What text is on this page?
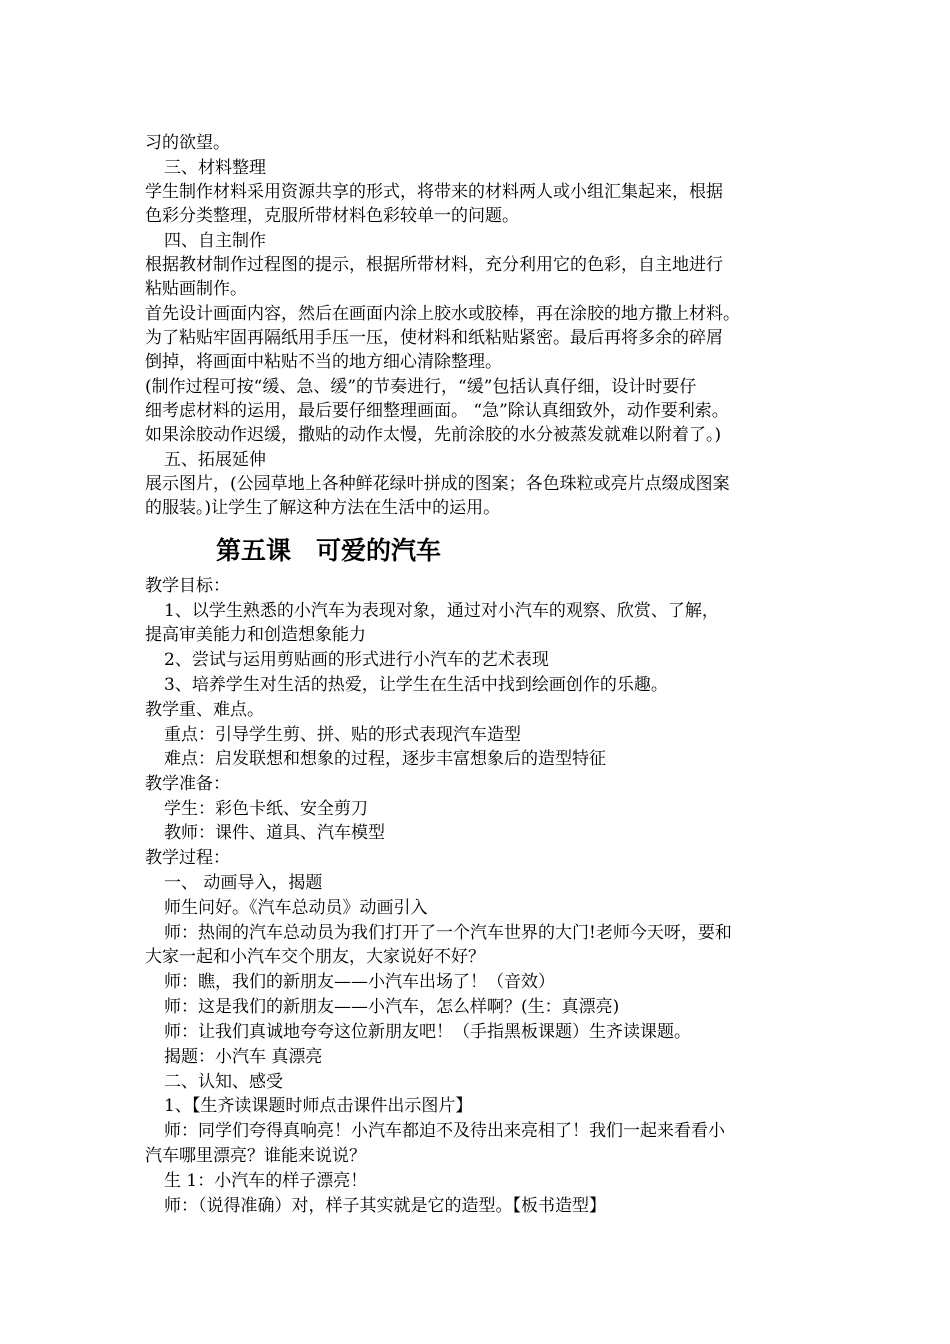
习的欲望。
三、材料整理
学生制作材料采用资源共享的形式，将带来的材料两人或小组汇集起来，根据
色彩分类整理，克服所带材料色彩较单一的问题。
四、自主制作
根据教材制作过程图的提示，根据所带材料，充分利用它的色彩，自主地进行
粘贴画制作。
首先设计画面内容，然后在画面内涂上胶水或胶棒，再在涂胶的地方撒上材料。
为了粘贴牢固再隔纸用手压一压，使材料和纸粘贴紧密。最后再将多余的碎屑
倒掉，将画面中粘贴不当的地方细心清除整理。
(制作过程可按“缓、急、缓”的节奏进行，“缓”包括认真仔细，设计时要仔
细考虑材料的运用，最后要仔细整理画面。 “急”除认真细致外，动作要利索。
如果涂胶动作迟缓，撒贴的动作太慢，先前涂胶的水分被蒸发就难以附着了。)
五、拓展延伸
展示图片，(公园草地上各种鲜花绿叶拼成的图案；各色珠粒或亮片点缀成图案
的服装。)让学生了解这种方法在生活中的运用。
第五课　可爱的汽车
教学目标：
1、以学生熟悉的小汽车为表现对象，通过对小汽车的观察、欣赏、了解，
提高审美能力和创造想象能力
2、尝试与运用剪贴画的形式进行小汽车的艺术表现
3、培养学生对生活的热爱，让学生在生活中找到绘画创作的乐趣。
教学重、难点。
重点：引导学生剪、拼、贴的形式表现汽车造型
难点：启发联想和想象的过程，逐步丰富想象后的造型特征
教学准备：
学生：彩色卡纸、安全剪刀
教师：课件、道具、汽车模型
教学过程：
一、 动画导入，揭题
师生问好。《汽车总动员》动画引入
师：热闹的汽车总动员为我们打开了一个汽车世界的大门!老师今天呀，要和
大家一起和小汽车交个朋友，大家说好不好？
师：瞧，我们的新朋友——小汽车出场了！（音效）
师：这是我们的新朋友——小汽车，怎么样啊？(生：真漂亮)
师：让我们真诚地夸夸这位新朋友吧！（手指黑板课题）生齐读课题。
揭题：小汽车 真漂亮
二、认知、感受
1、【生齐读课题时师点击课件出示图片】
师：同学们夸得真响亮！小汽车都迫不及待出来亮相了！我们一起来看看小
汽车哪里漂亮？谁能来说说？
生 1：小汽车的样子漂亮！
师：（说得准确）对，样子其实就是它的造型。【板书造型】
